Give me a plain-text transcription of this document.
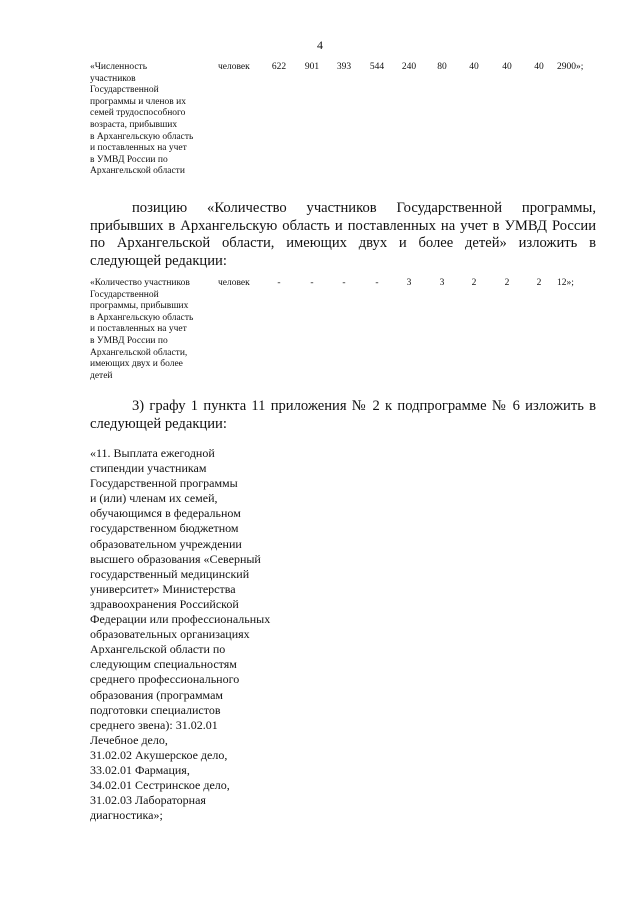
4
«Численность
участников
Государственной
программы и членов их
семей трудоспособного
возраста, прибывших
в Архангельскую область
и поставленных на учет
в УМВД России по
Архангельской области
человек	622	901	393	544	240	80	40	40	40	2900»;

позицию «Количество участников Государственной программы, прибывших в Архангельскую область и поставленных на учет в УМВД России по Архангельской области, имеющих двух и более детей» изложить в следующей редакции:

«Количество участников
Государственной
программы, прибывших
в Архангельскую область
и поставленных на учет
в УМВД России по
Архангельской области,
имеющих двух и более
детей
человек	-	-	-	-	3	3	2	2	2	12»;

3) графу 1 пункта 11 приложения № 2 к подпрограмме № 6 изложить в следующей редакции:

«11. Выплата ежегодной
стипендии участникам
Государственной программы
и (или) членам их семей,
обучающимся в федеральном
государственном бюджетном
образовательном учреждении
высшего образования «Северный
государственный медицинский
университет» Министерства
здравоохранения Российской
Федерации или профессиональных
образовательных организациях
Архангельской области по
следующим специальностям
среднего профессионального
образования (программам
подготовки специалистов
среднего звена): 31.02.01
Лечебное дело,
31.02.02 Акушерское дело,
33.02.01 Фармация,
34.02.01 Сестринское дело,
31.02.03 Лабораторная
диагностика»;
